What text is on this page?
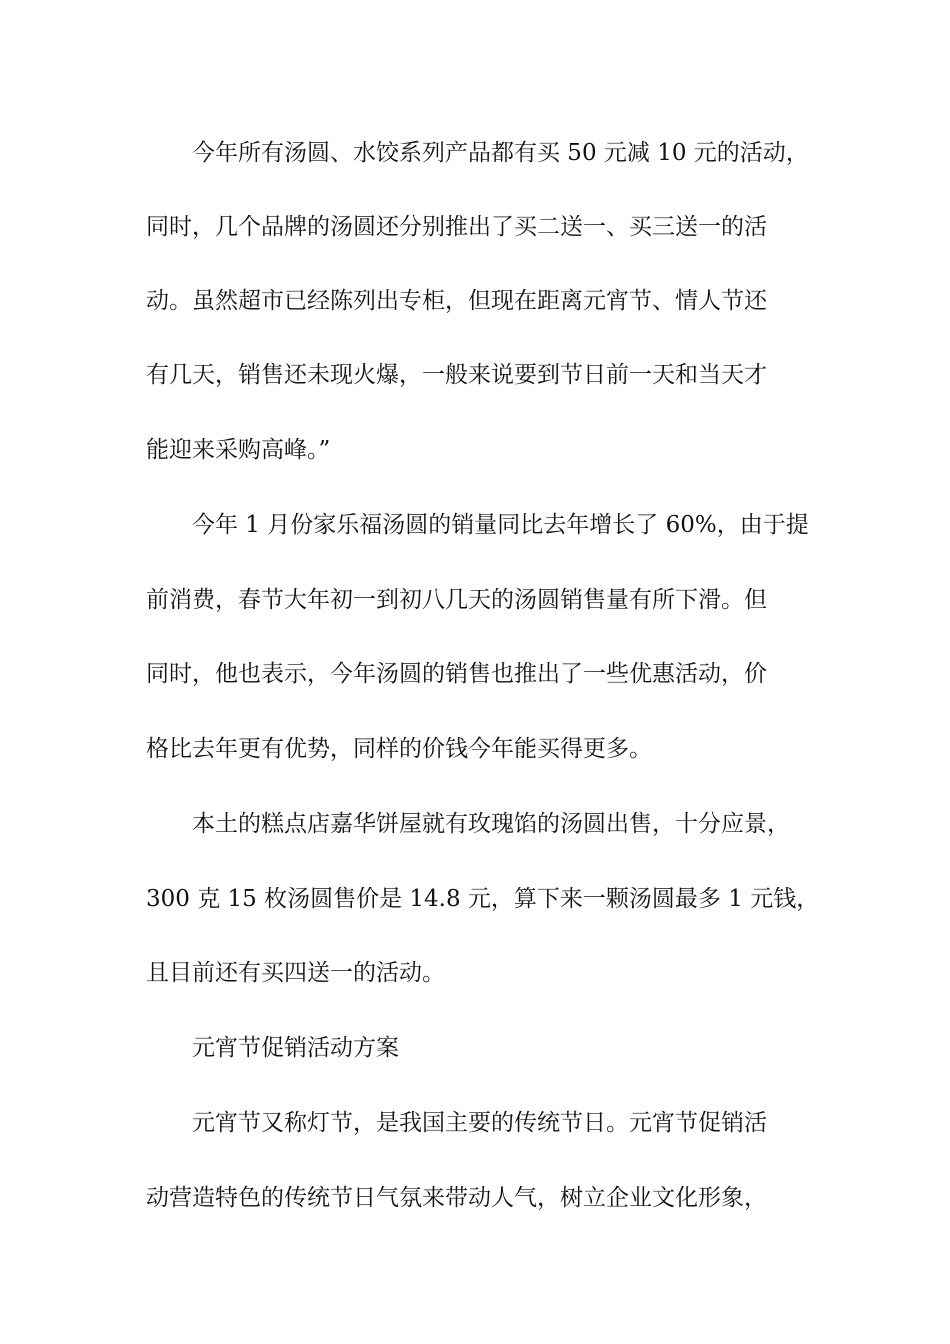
今年所有汤圆、水饺系列产品都有买 50 元减 10 元的活动，

同时，几个品牌的汤圆还分别推出了买二送一、买三送一的活

动。虽然超市已经陈列出专柜，但现在距离元宵节、情人节还

有几天，销售还未现火爆，一般来说要到节日前一天和当天才

能迎来采购高峰。”

今年 1 月份家乐福汤圆的销量同比去年增长了 60%，由于提

前消费，春节大年初一到初八几天的汤圆销售量有所下滑。但

同时，他也表示，今年汤圆的销售也推出了一些优惠活动，价

格比去年更有优势，同样的价钱今年能买得更多。

本土的糕点店嘉华饼屋就有玫瑰馅的汤圆出售，十分应景，

300 克 15 枚汤圆售价是 14.8 元，算下来一颗汤圆最多 1 元钱，

且目前还有买四送一的活动。

元宵节促销活动方案

元宵节又称灯节，是我国主要的传统节日。元宵节促销活

动营造特色的传统节日气氛来带动人气，树立企业文化形象，
